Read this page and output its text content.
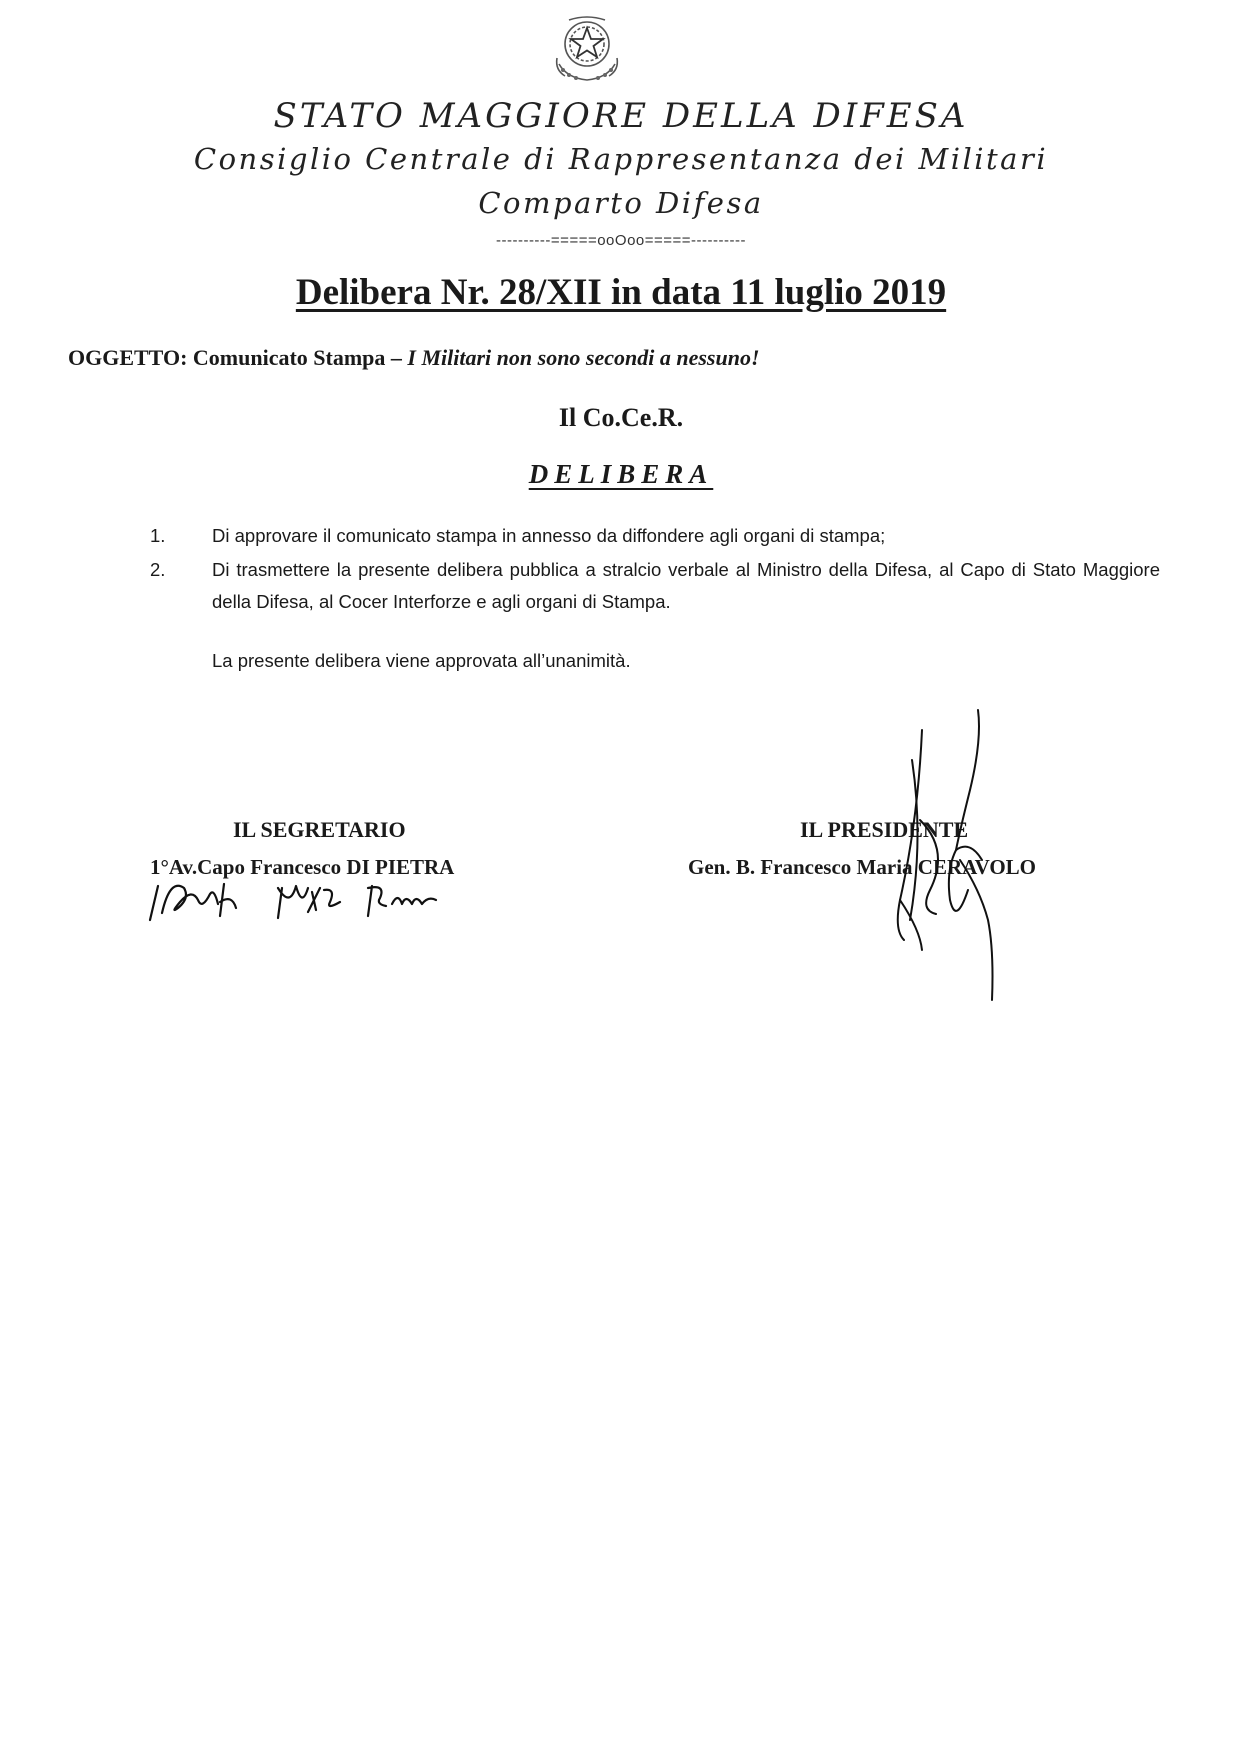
STATO MAGGIORE DELLA DIFESA
Consiglio Centrale di Rappresentanza dei Militari
Comparto Difesa
----------=====ooOoo=====----------
Delibera Nr. 28/XII in data 11 luglio 2019
OGGETTO: Comunicato Stampa – I Militari non sono secondi a nessuno!
Il Co.Ce.R.
DELIBERA
1.	Di approvare il comunicato stampa in annesso da diffondere agli organi di stampa;
2.	Di trasmettere la presente delibera pubblica a stralcio verbale al Ministro della Difesa, al Capo di Stato Maggiore della Difesa, al Cocer Interforze e agli organi di Stampa.
La presente delibera viene approvata all’unanimità.
IL SEGRETARIO
1°Av.Capo Francesco DI PIETRA
IL PRESIDENTE
Gen. B. Francesco Maria CERAVOLO
